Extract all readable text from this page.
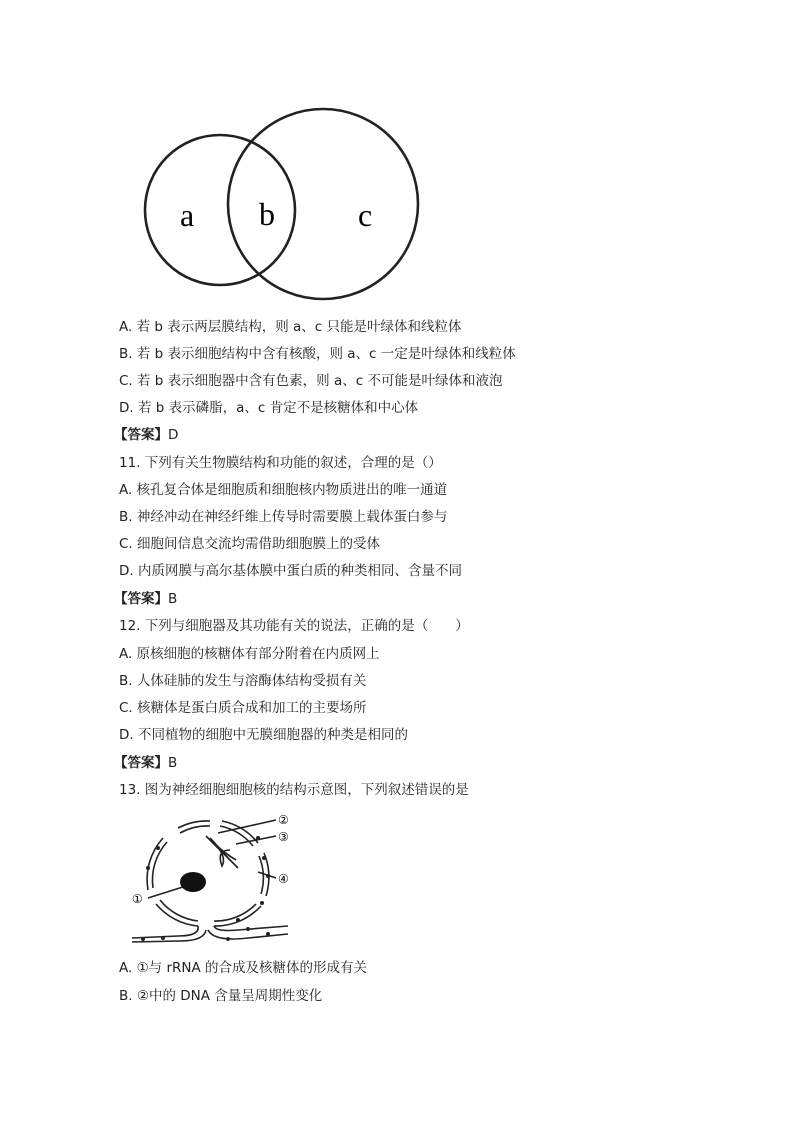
a b	c
A. 若 b 表示两层膜结构，则 a、c 只能是叶绿体和线粒体
B. 若 b 表示细胞结构中含有核酸，则 a、c 一定是叶绿体和线粒体
C. 若 b 表示细胞器中含有色素，则 a、c 不可能是叶绿体和液泡
D. 若 b 表示磷脂，a、c 肯定不是核糖体和中心体
【答案】D
11. 下列有关生物膜结构和功能的叙述，合理的是（）
A. 核孔复合体是细胞质和细胞核内物质进出的唯一通道
B. 神经冲动在神经纤维上传导时需要膜上载体蛋白参与
C. 细胞间信息交流均需借助细胞膜上的受体
D. 内质网膜与高尔基体膜中蛋白质的种类相同、含量不同
【答案】B
12. 下列与细胞器及其功能有关的说法，正确的是（　　）
A. 原核细胞的核糖体有部分附着在内质网上
B. 人体硅肺的发生与溶酶体结构受损有关
C. 核糖体是蛋白质合成和加工的主要场所
D. 不同植物的细胞中无膜细胞器的种类是相同的
【答案】B
13. 图为神经细胞细胞核的结构示意图，下列叙述错误的是
①
②
③
④
A. ①与 rRNA 的合成及核糖体的形成有关
B. ②中的 DNA 含量呈周期性变化
